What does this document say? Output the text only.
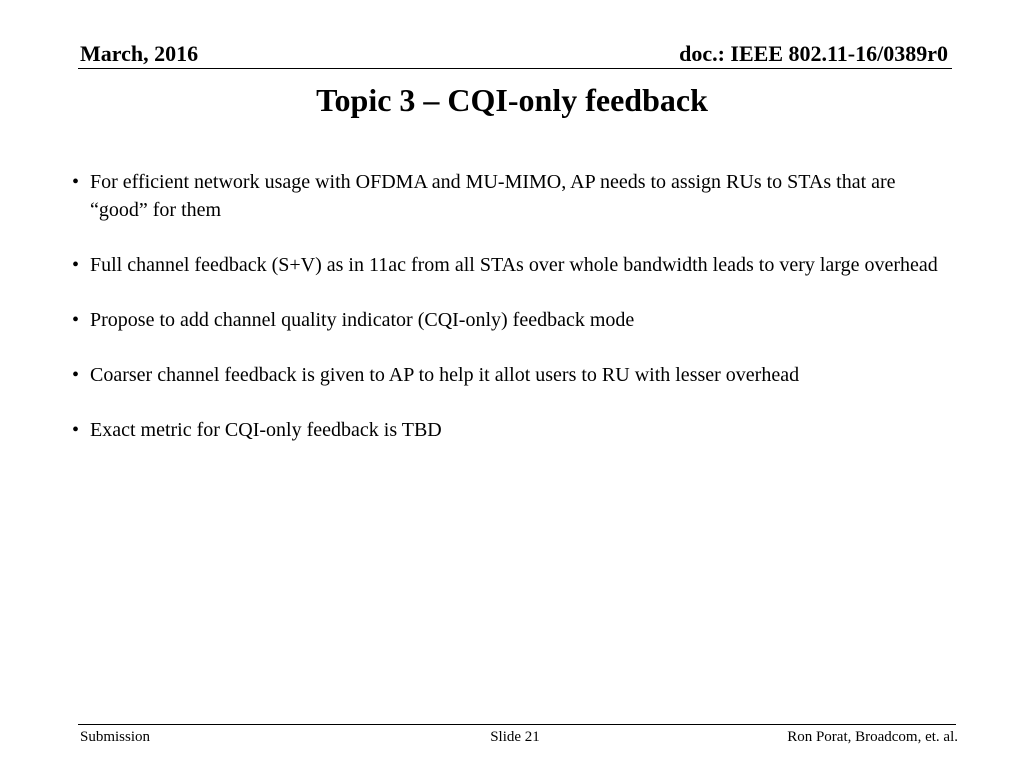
March, 2016	doc.: IEEE 802.11-16/0389r0
Topic 3 – CQI-only feedback
• For efficient network usage with OFDMA and MU-MIMO, AP needs to assign RUs to STAs that are “good” for them
• Full channel feedback (S+V) as in 11ac from all STAs over whole bandwidth leads to very large overhead
• Propose to add channel quality indicator (CQI-only) feedback mode
• Coarser channel feedback is given to AP to help it allot users to RU with lesser overhead
• Exact metric for CQI-only feedback is TBD
Submission	Slide 21	Ron Porat, Broadcom, et. al.
